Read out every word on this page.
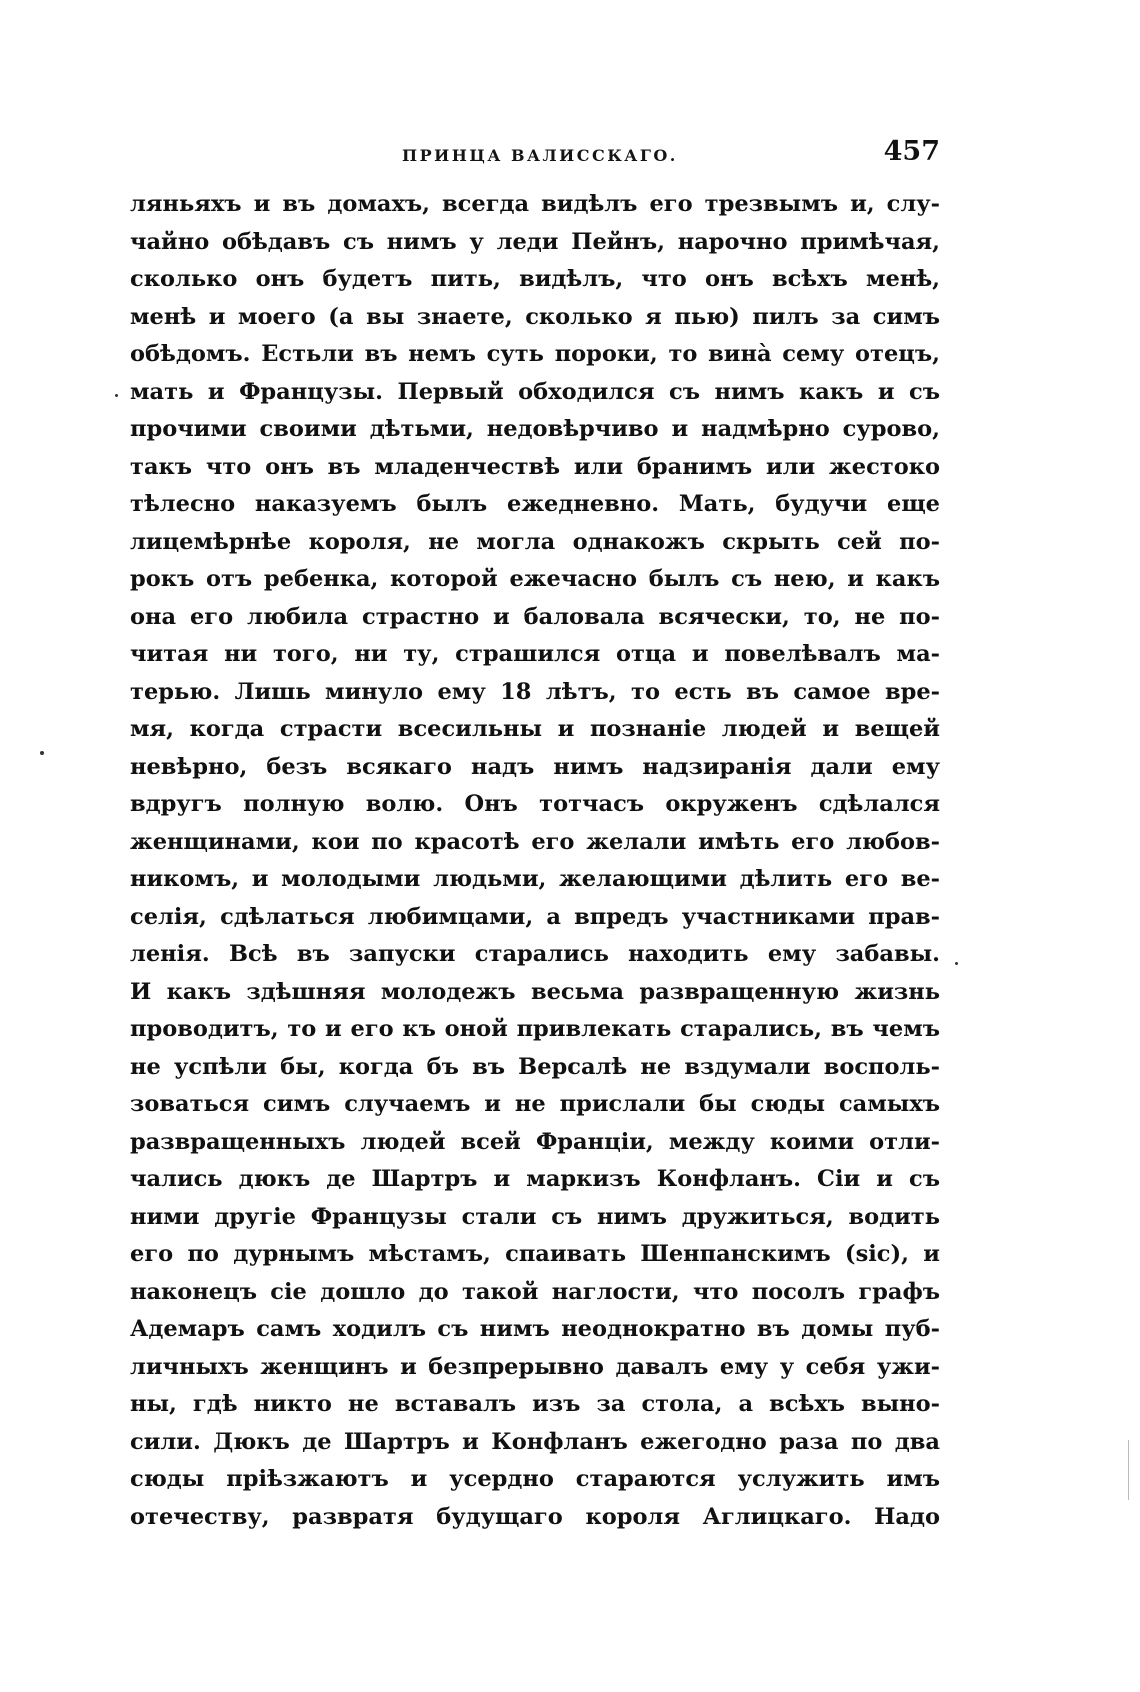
ПРИНЦА ВАЛИССКАГО.	457
ляньяхъ и въ домахъ, всегда видѣлъ его трезвымъ и, слу-
чайно обѣдавъ съ нимъ у леди Пейнъ, нарочно примѣчая,
сколько онъ будетъ пить, видѣлъ, что онъ всѣхъ менѣ,
менѣ и моего (а вы знаете, сколько я пью) пилъ за симъ
обѣдомъ. Естьли въ немъ суть пороки, то винà сему отецъ,
мать и Французы. Первый обходился съ нимъ какъ и съ
прочими своими дѣтьми, недовѣрчиво и надмѣрно сурово,
такъ что онъ въ младенчествѣ или бранимъ или жестоко
тѣлесно наказуемъ былъ ежедневно. Мать, будучи еще
лицемѣрнѣе короля, не могла однакожъ скрыть сей по-
рокъ отъ ребенка, которой ежечасно былъ съ нею, и какъ
она его любила страстно и баловала всячески, то, не по-
читая ни того, ни ту, страшился отца и повелѣвалъ ма-
терью. Лишь минуло ему 18 лѣтъ, то есть въ самое вре-
мя, когда страсти всесильны и познаніе людей и вещей
невѣрно, безъ всякаго надъ нимъ надзиранія дали ему
вдругъ полную волю. Онъ тотчасъ окруженъ сдѣлался
женщинами, кои по красотѣ его желали имѣть его любов-
никомъ, и молодыми людьми, желающими дѣлить его ве-
селія, сдѣлаться любимцами, а впредъ участниками прав-
ленія. Всѣ въ запуски старались находить ему забавы.
И какъ здѣшняя молодежъ весьма развращенную жизнь
проводитъ, то и его къ оной привлекать старались, въ чемъ
не успѣли бы, когда бъ въ Версалѣ не вздумали восполь-
зоваться симъ случаемъ и не прислали бы сюды самыхъ
развращенныхъ людей всей Франціи, между коими отли-
чались дюкъ де Шартръ и маркизъ Конфланъ. Сіи и съ
ними другіе Французы стали съ нимъ дружиться, водить
его по дурнымъ мѣстамъ, спаивать Шенпанскимъ (sic), и
наконецъ сіе дошло до такой наглости, что посолъ графъ
Адемаръ самъ ходилъ съ нимъ неоднократно въ домы пуб-
личныхъ женщинъ и безпрерывно давалъ ему у себя ужи-
ны, гдѣ никто не вставалъ изъ за стола, а всѣхъ выно-
сили. Дюкъ де Шартръ и Конфланъ ежегодно раза по два
сюды пріѣзжаютъ и усердно стараются услужить имъ
отечеству, развратя будущаго короля Аглицкаго. Надо
